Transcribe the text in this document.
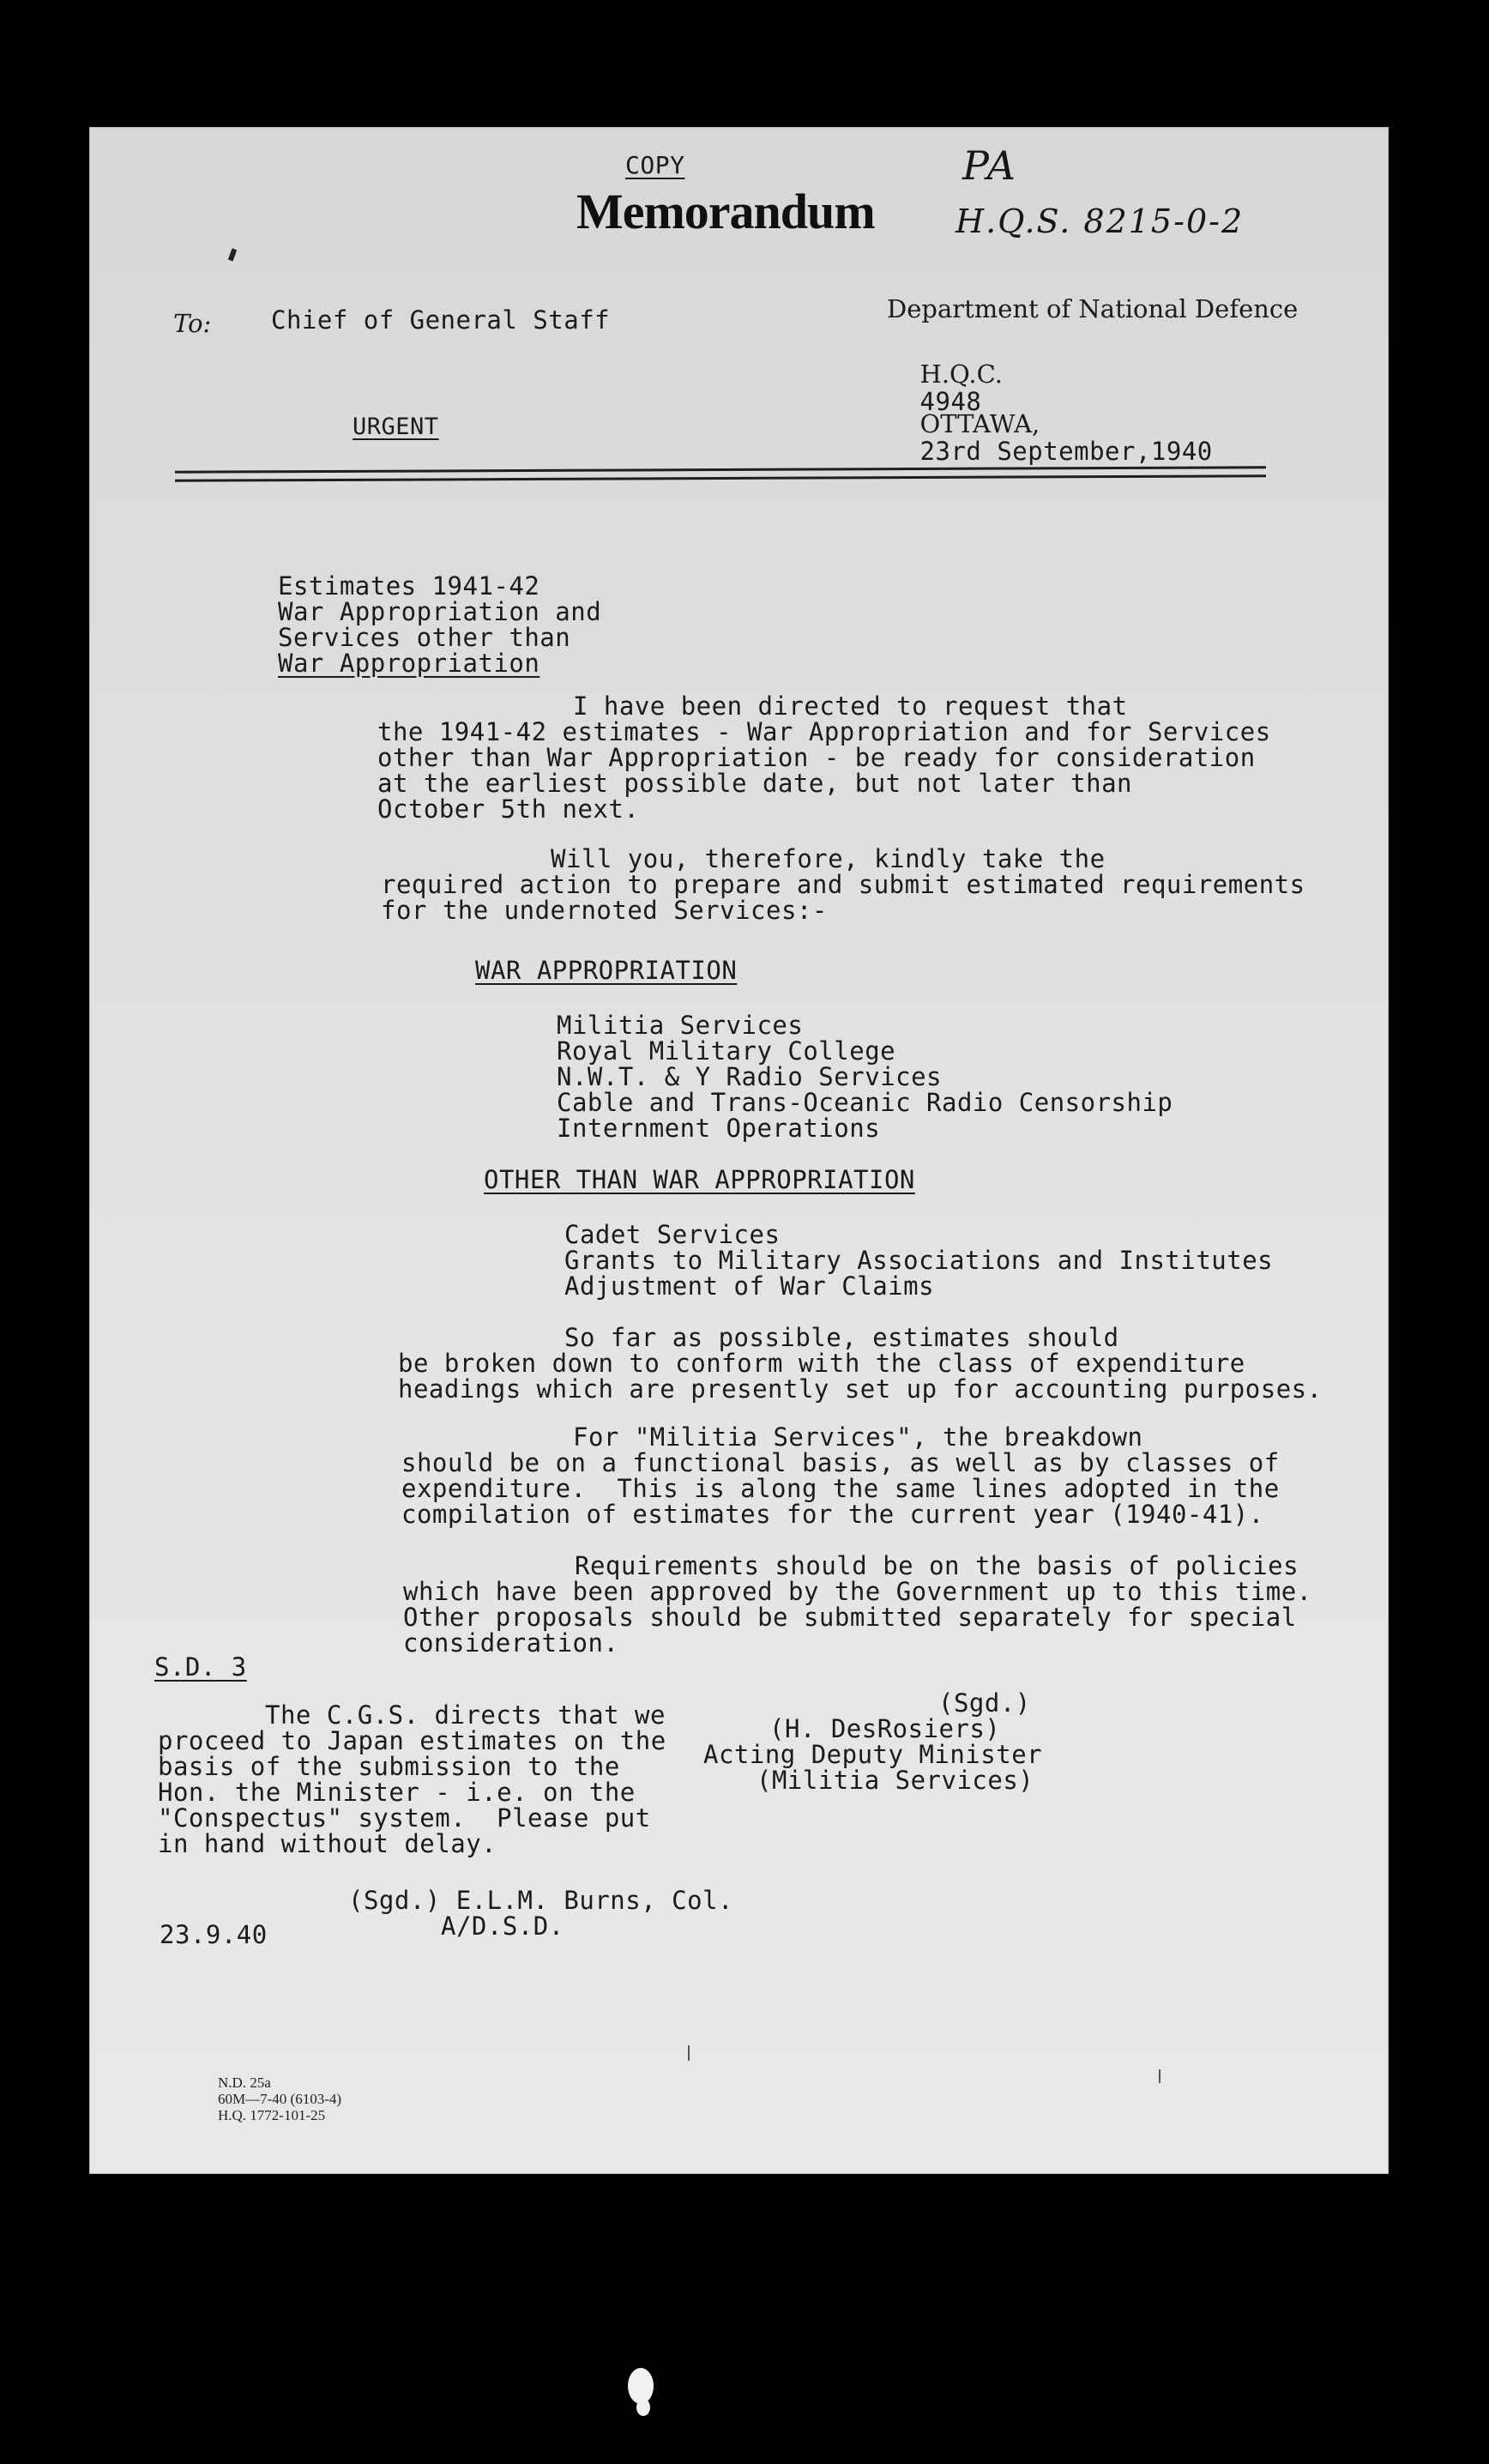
COPY
Memorandum
PA
H.Q.S. 8215-0-2
To: Chief of General Staff
URGENT
Department of National Defence

H.Q.C.
4948

OTTAWA,
23rd September,1940

Estimates 1941-42
War Appropriation and
Services other than
War Appropriation
I have been directed to request that
the 1941-42 estimates - War Appropriation and for Services
other than War Appropriation - be ready for consideration
at the earliest possible date, but not later than
October 5th next.
Will you, therefore, kindly take the
required action to prepare and submit estimated requirements
for the undernoted Services:-
WAR APPROPRIATION
Militia Services
Royal Military College
N.W.T. & Y Radio Services
Cable and Trans-Oceanic Radio Censorship
Internment Operations
OTHER THAN WAR APPROPRIATION
Cadet Services
Grants to Military Associations and Institutes
Adjustment of War Claims
So far as possible, estimates should
be broken down to conform with the class of expenditure
headings which are presently set up for accounting purposes.
For "Militia Services", the breakdown
should be on a functional basis, as well as by classes of
expenditure.  This is along the same lines adopted in the
compilation of estimates for the current year (1940-41).
Requirements should be on the basis of policies
which have been approved by the Government up to this time.
Other proposals should be submitted separately for special
consideration.
S.D. 3
(Sgd.)
(H. DesRosiers)
Acting Deputy Minister
(Militia Services)
The C.G.S. directs that we
proceed to Japan estimates on the
basis of the submission to the
Hon. the Minister - i.e. on the
"Conspectus" system.  Please put
in hand without delay.
(Sgd.) E.L.M. Burns, Col.
A/D.S.D.
23.9.40
N.D. 25a
60M—7-40 (6103-4)
H.Q. 1772-101-25
